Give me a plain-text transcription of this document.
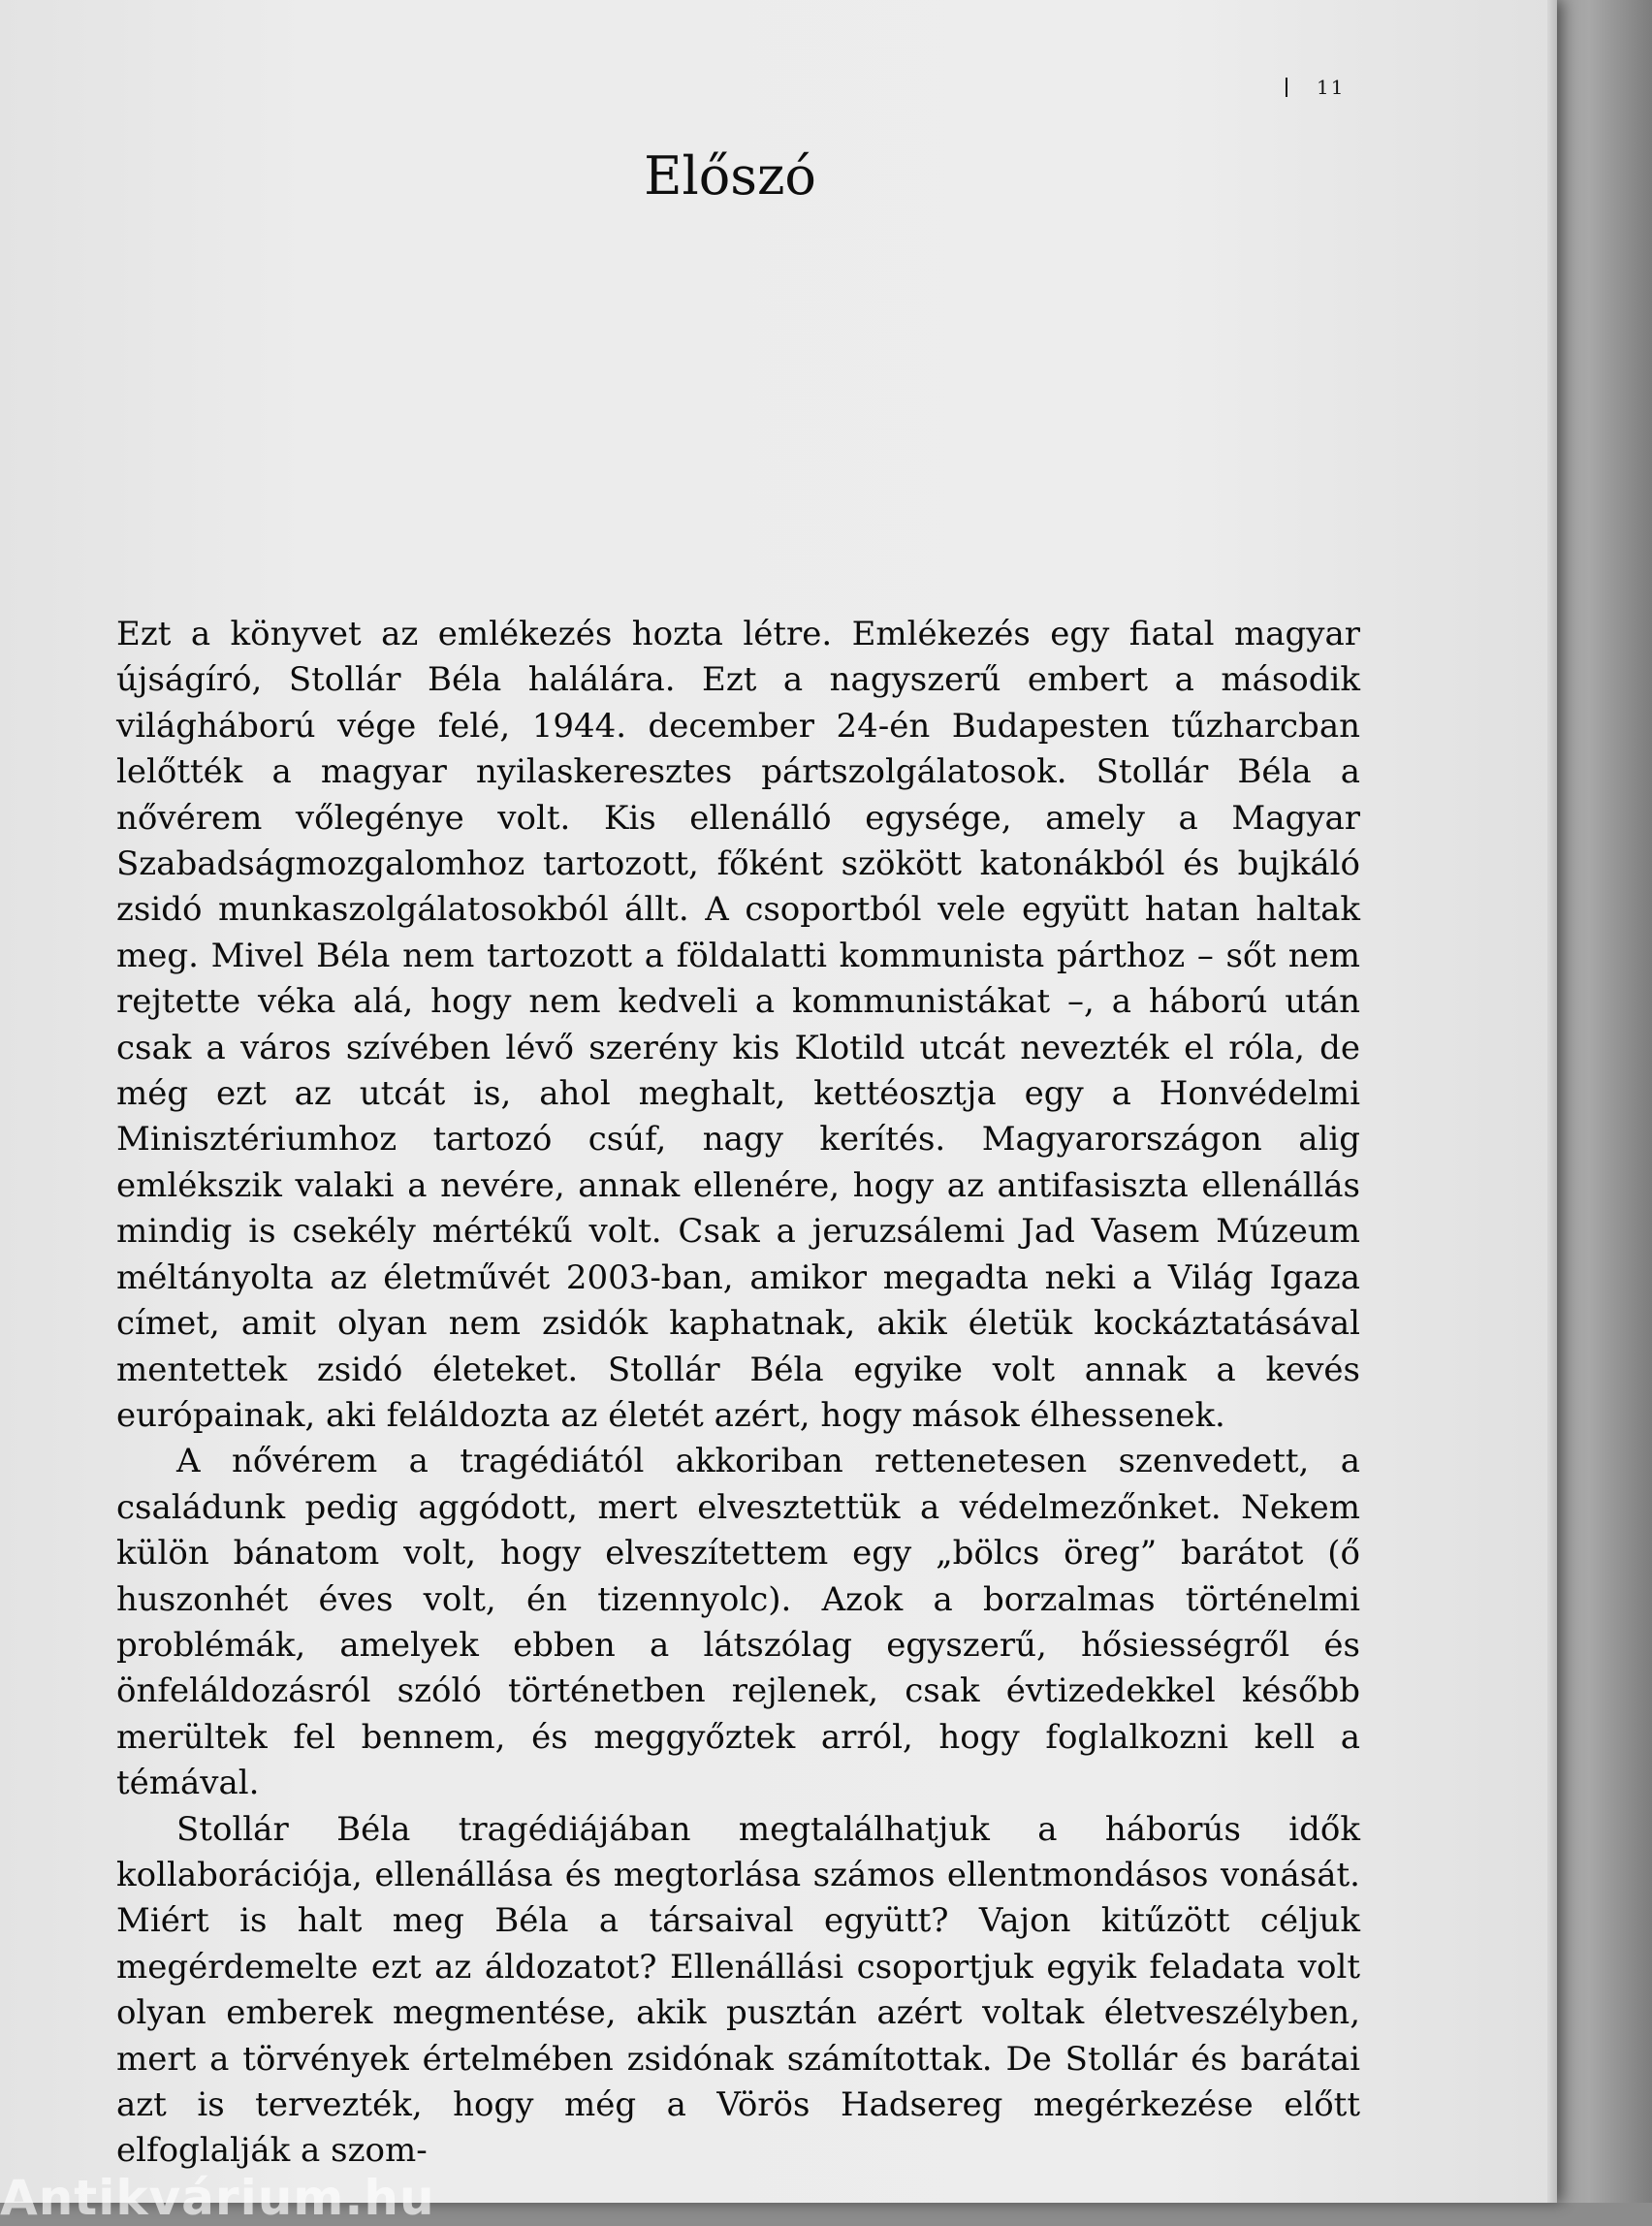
11
Előszó

Ezt a könyvet az emlékezés hozta létre. Emlékezés egy fiatal magyar újságíró, Stollár Béla halálára. Ezt a nagyszerű embert a második világháború vége felé, 1944. december 24-én Budapesten tűzharcban lelőtték a magyar nyilaskeresztes pártszolgálatosok. Stollár Béla a nővérem vőlegénye volt. Kis ellenálló egysége, amely a Magyar Szabadságmozgalomhoz tartozott, főként szökött katonákból és bujkáló zsidó munkaszolgálatosokból állt. A csoportból vele együtt hatan haltak meg. Mivel Béla nem tartozott a földalatti kommunista párthoz – sőt nem rejtette véka alá, hogy nem kedveli a kommunistákat –, a háború után csak a város szívében lévő szerény kis Klotild utcát nevezték el róla, de még ezt az utcát is, ahol meghalt, kettéosztja egy a Honvédelmi Minisztériumhoz tartozó csúf, nagy kerítés. Magyarországon alig emlékszik valaki a nevére, annak ellenére, hogy az antifasiszta ellenállás mindig is csekély mértékű volt. Csak a jeruzsálemi Jad Vasem Múzeum méltányolta az életművét 2003-ban, amikor megadta neki a Világ Igaza címet, amit olyan nem zsidók kaphatnak, akik életük kockáztatásával mentettek zsidó életeket. Stollár Béla egyike volt annak a kevés európainak, aki feláldozta az életét azért, hogy mások élhessenek.

A nővérem a tragédiától akkoriban rettenetesen szenvedett, a családunk pedig aggódott, mert elvesztettük a védelmezőnket. Nekem külön bánatom volt, hogy elveszítettem egy „bölcs öreg” barátot (ő huszonhét éves volt, én tizennyolc). Azok a borzalmas történelmi problémák, amelyek ebben a látszólag egyszerű, hősiességről és önfeláldozásról szóló történetben rejlenek, csak évtizedekkel később merültek fel bennem, és meggyőztek arról, hogy foglalkozni kell a témával.

Stollár Béla tragédiájában megtalálhatjuk a háborús idők kollaborációja, ellenállása és megtorlása számos ellentmondásos vonását. Miért is halt meg Béla a társaival együtt? Vajon kitűzött céljuk megérdemelte ezt az áldozatot? Ellenállási csoportjuk egyik feladata volt olyan emberek megmentése, akik pusztán azért voltak életveszélyben, mert a törvények értelmében zsidónak számítottak. De Stollár és barátai azt is tervezték, hogy még a Vörös Hadsereg megérkezése előtt elfoglalják a szom-

Antikvárium.hu
